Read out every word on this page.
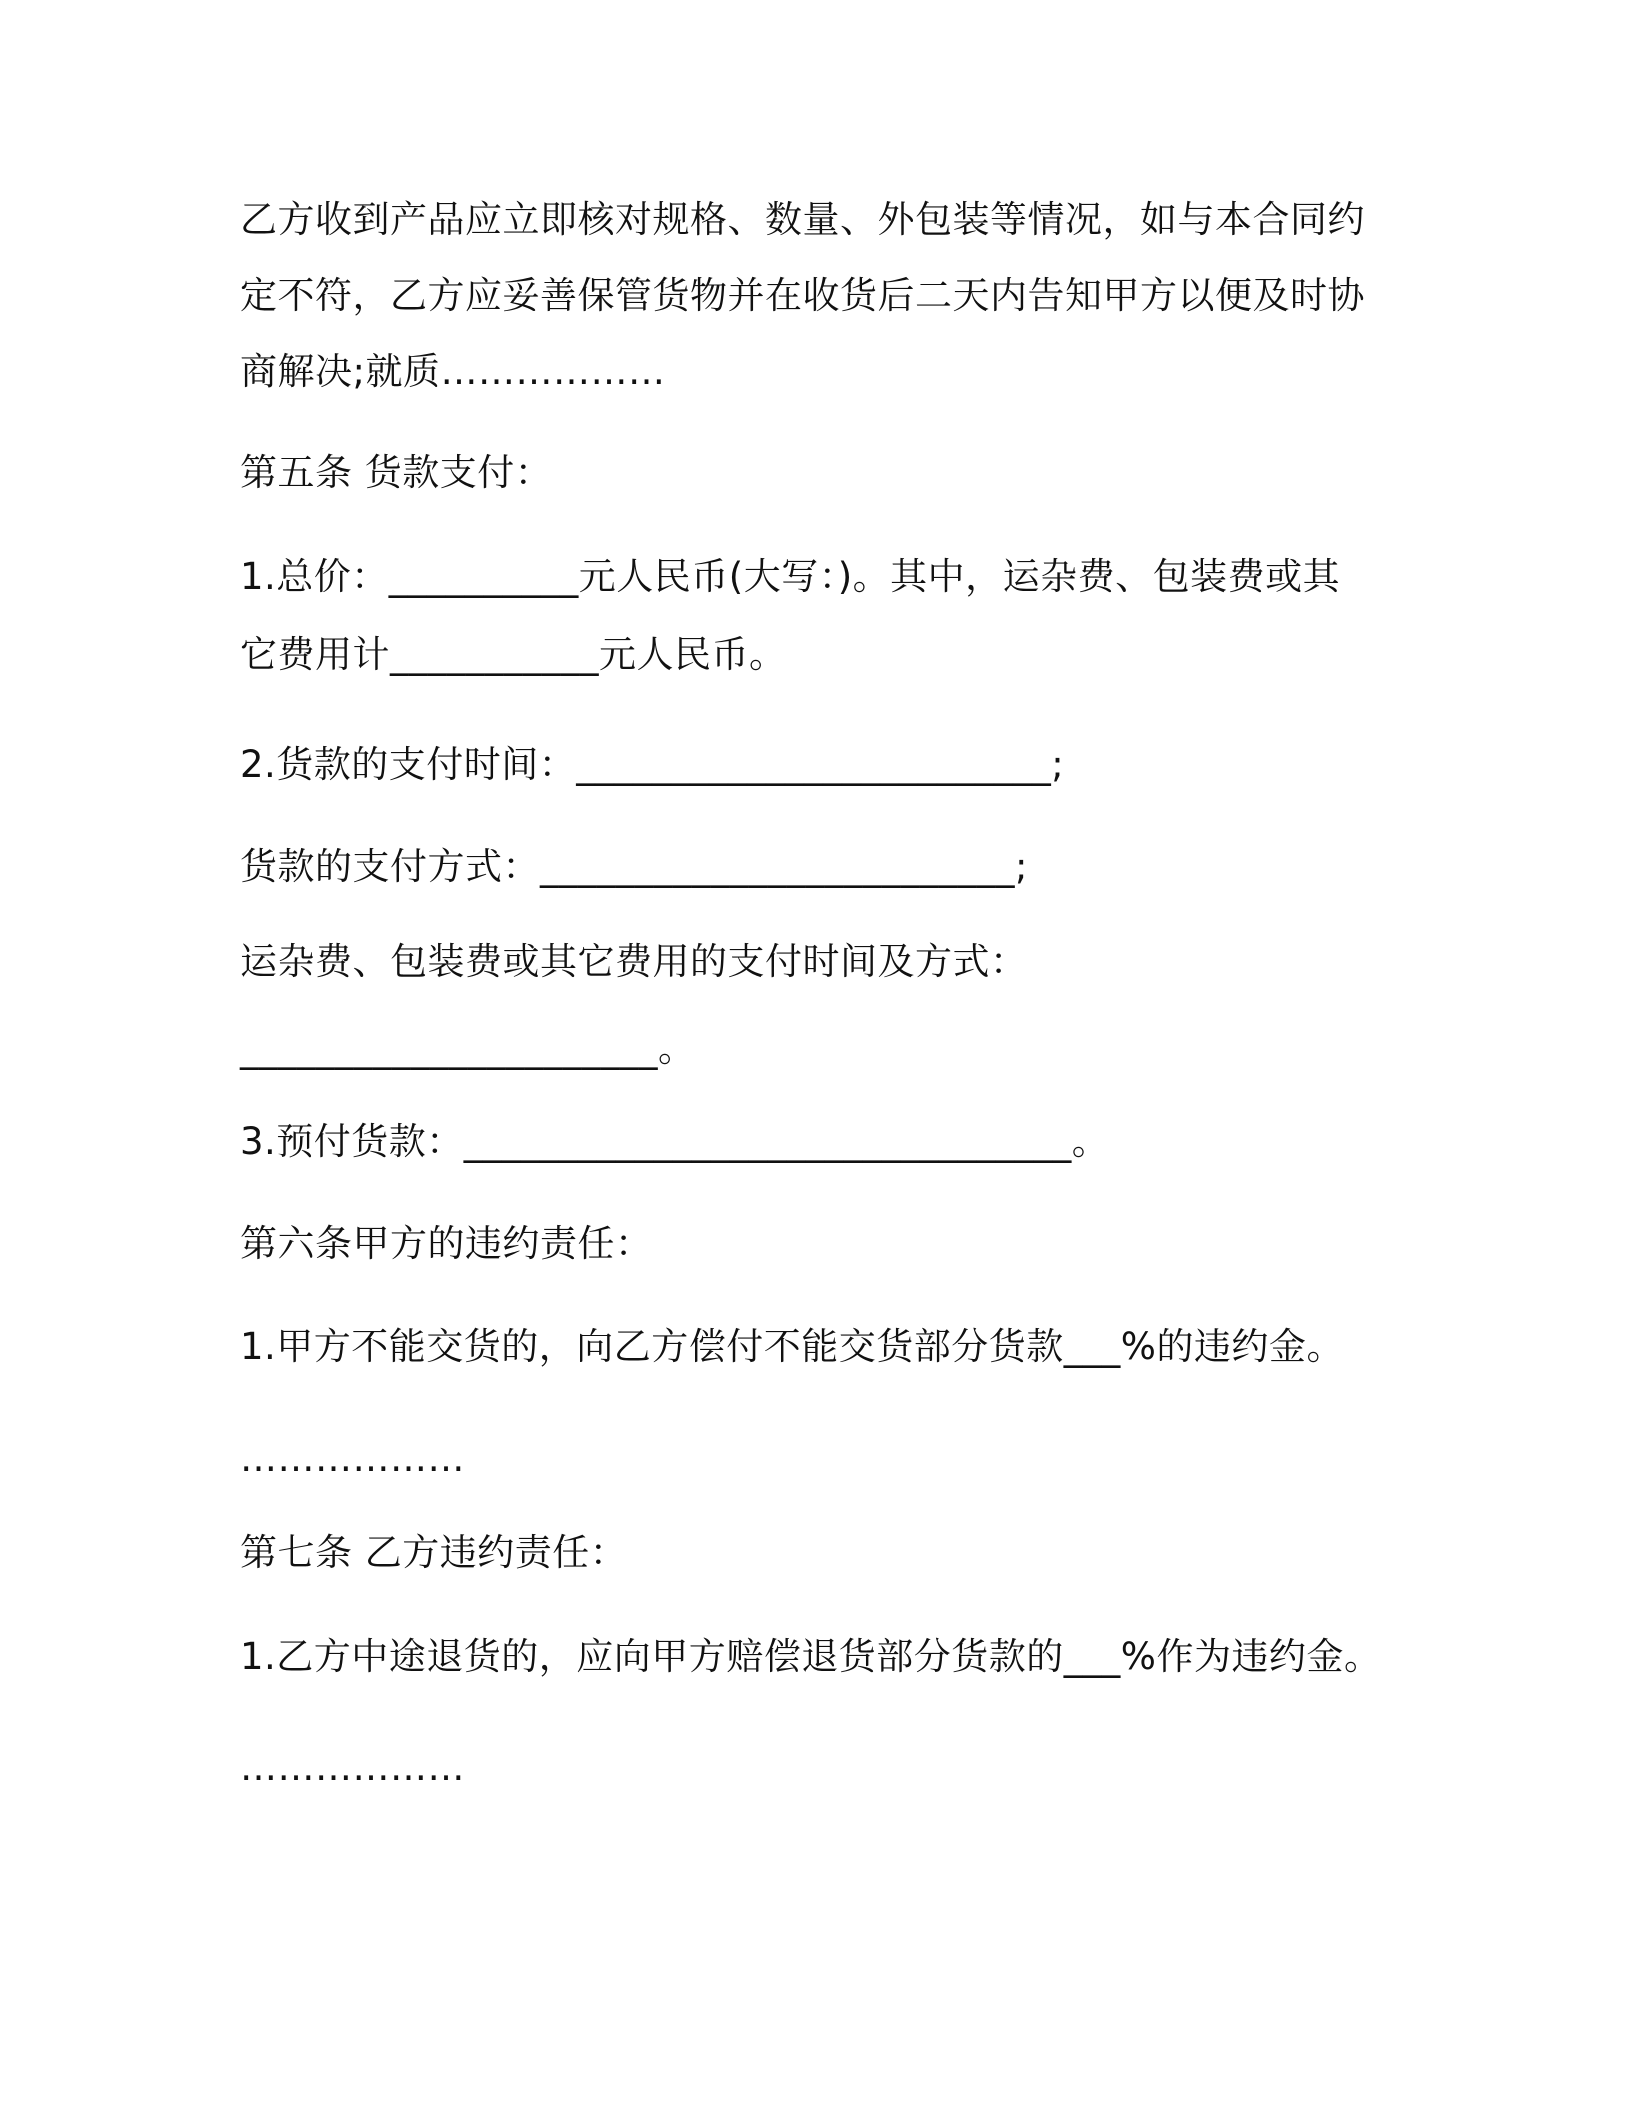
乙方收到产品应立即核对规格、数量、外包装等情况，如与本合同约
定不符，乙方应妥善保管货物并在收货后二天内告知甲方以便及时协
商解决;就质………………
第五条 货款支付：
1.总价：__________元人民币(大写：)。其中，运杂费、包装费或其
它费用计___________元人民币。
2.货款的支付时间：_________________________;
货款的支付方式：_________________________;
运杂费、包装费或其它费用的支付时间及方式：
______________________。
3.预付货款：________________________________。
第六条甲方的违约责任：
1.甲方不能交货的，向乙方偿付不能交货部分货款___%的违约金。
………………
第七条 乙方违约责任：
1.乙方中途退货的，应向甲方赔偿退货部分货款的___%作为违约金。
………………
